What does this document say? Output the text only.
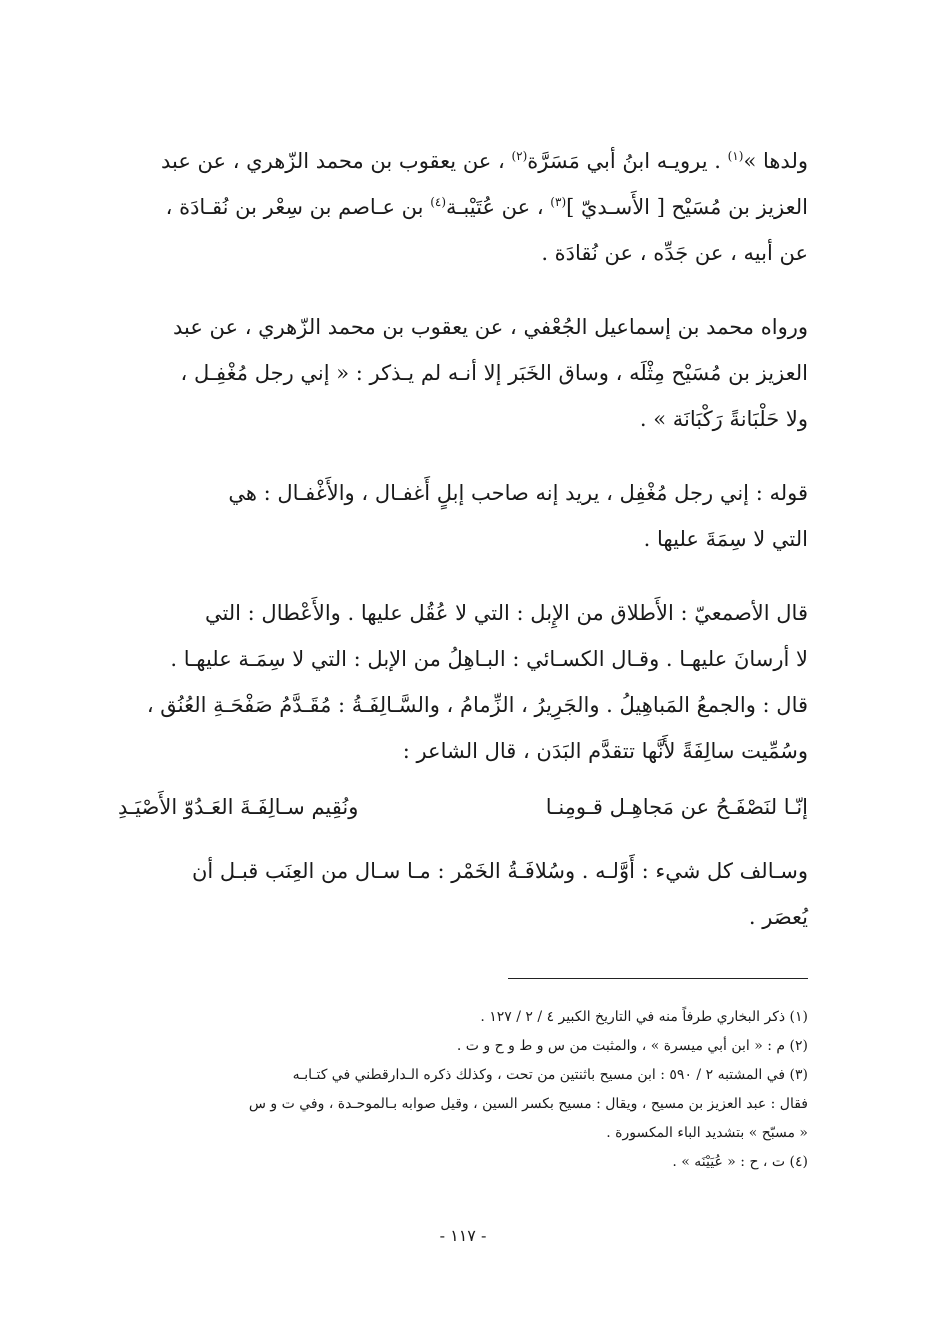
ولدها »$^{(١)}$ . يرويـه ابنُ أبي مَسَرَّة$^{(٢)}$ ، عن يعقوب بن محمد الزّهري ، عن عبد
العزيز بن مُسَيْح [ الأَسـديّ ]$^{(٣)}$ ، عن عُتَيْبـة$^{(٤)}$ بن عـاصم بن سِعْر بن نُقـادَة ،
عن أبيه ، عن جَدِّه ، عن نُقادَة .

ورواه محمد بن إسماعيل الجُعْفي ، عن يعقوب بن محمد الزّهري ، عن عبد
العزيز بن مُسَيْح مِثْلَه ، وساق الخَبَر إلا أنـه لم يـذكر : « إني رجل مُغْفِـل ،
ولا حَلْبَانةً رَكْبَانَة » .

قوله : إني رجل مُغْفِل ، يريد إنه صاحب إبلٍ أَغفـال ، والأَغْفـال : هي
التي لا سِمَةَ عليها .

قال الأصمعيّ : الأَطلاق من الإِبل : التي لا عُقُل عليها . والأَعْطال : التي
لا أرسانَ عليهـا . وقـال الكسـائي : البـاهِلُ من الإبل : التي لا سِمَـة عليهـا .
قال : والجمعُ المَباهِيلُ . والجَرِيرُ ، الزِّمامُ ، والسَّـالِفَـةُ : مُقَـدَّمُ صَفْحَـةِ العُنُق ،
وسُمِّيت سالِفَةً لأَنَّها تتقدَّم البَدَن ، قال الشاعر :

إنّـا لنَصْفَـحُ عن مَجاهِـل قـومِنـا
ونُقِيم سـالِفَـةَ العَـدُوّ الأَصْيَـدِ

وسـالف كل شيء : أَوَّلـه . وسُلافَـةُ الخَمْر : مـا سـال من العِنَب قبـل أن
يُعصَر .

(١) ذكر البخاري طرفاً منه في التاريخ الكبير ٤ / ٢ / ١٢٧ .
(٢) م : « ابن أبي ميسرة » ، والمثبت من س و ط و ح و ت .
(٣) في المشتبه ٢ / ٥٩٠ : ابن مسيح باثنتين من تحت ، وكذلك ذكره الـدارقطني في كتـابـه
فقال : عبد العزيز بن مسيح ، ويقال : مسيح بكسر السين ، وقيل صوابه بـالموحـدة ، وفي ت و س
« مسبّح » بتشديد الباء المكسورة .
(٤) ت ، ح : « عُيَيْنَه » .
- ١١٧ -
